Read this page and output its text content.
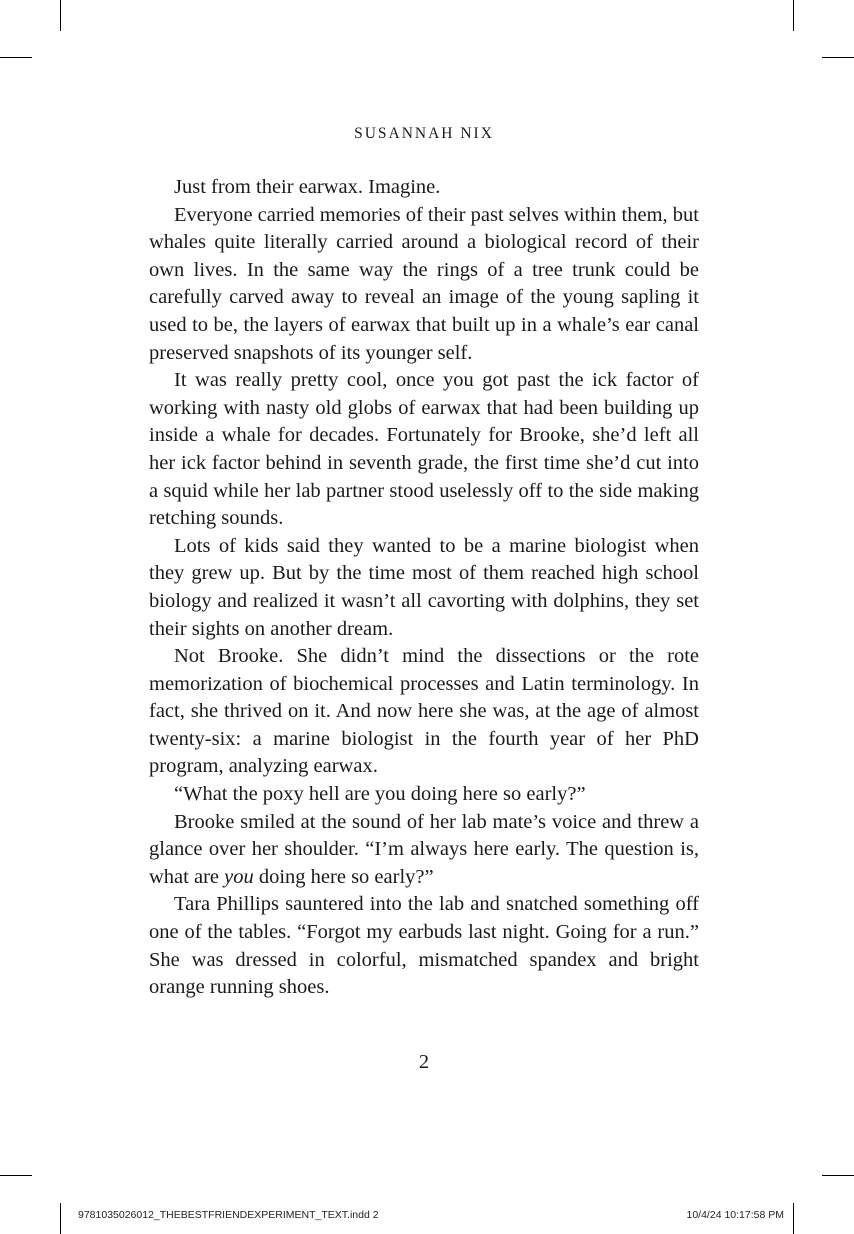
SUSANNAH NIX

Just from their earwax. Imagine.

Everyone carried memories of their past selves within them, but whales quite literally carried around a biological record of their own lives. In the same way the rings of a tree trunk could be carefully carved away to reveal an image of the young sapling it used to be, the layers of earwax that built up in a whale’s ear canal preserved snapshots of its younger self.

It was really pretty cool, once you got past the ick factor of working with nasty old globs of earwax that had been building up inside a whale for decades. Fortunately for Brooke, she’d left all her ick factor behind in seventh grade, the first time she’d cut into a squid while her lab partner stood uselessly off to the side making retching sounds.

Lots of kids said they wanted to be a marine biologist when they grew up. But by the time most of them reached high school biology and realized it wasn’t all cavorting with dolphins, they set their sights on another dream.

Not Brooke. She didn’t mind the dissections or the rote memorization of biochemical processes and Latin terminology. In fact, she thrived on it. And now here she was, at the age of almost twenty-six: a marine biologist in the fourth year of her PhD program, analyzing earwax.

“What the poxy hell are you doing here so early?”

Brooke smiled at the sound of her lab mate’s voice and threw a glance over her shoulder. “I’m always here early. The question is, what are you doing here so early?”

Tara Phillips sauntered into the lab and snatched something off one of the tables. “Forgot my earbuds last night. Going for a run.” She was dressed in colorful, mismatched spandex and bright orange running shoes.

2
9781035026012_THEBESTFRIENDEXPERIMENT_TEXT.indd 2	10/4/24 10:17:58 PM
